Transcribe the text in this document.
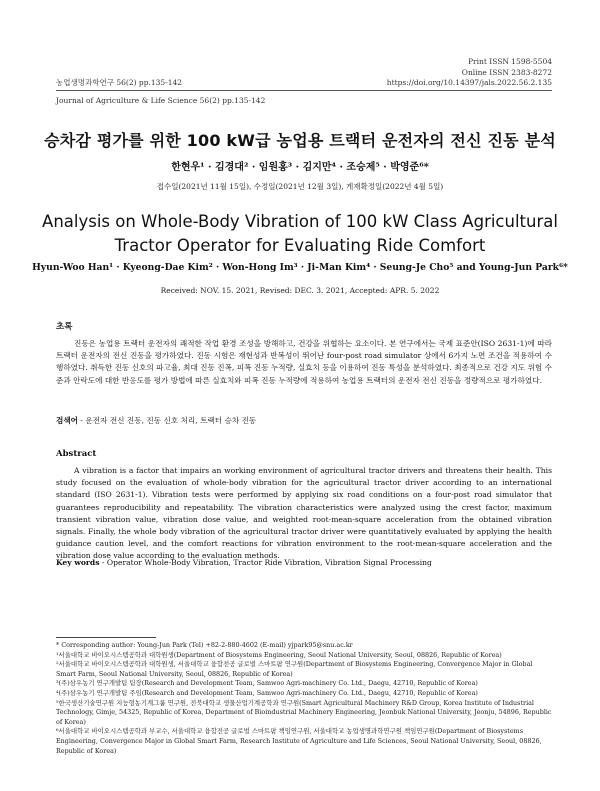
Print ISSN 1598-5504
Online ISSN 2383-8272
https://doi.org/10.14397/jals.2022.56.2.135
농업생명과학연구 56(2) pp.135-142
Journal of Agriculture & Life Science 56(2) pp.135-142
승차감 평가를 위한 100 kW급 농업용 트랙터 운전자의 전신 진동 분석
한현우¹ · 김경대² · 임원홍³ · 김지만⁴ · 조승제⁵ · 박영준⁶*
접수일(2021년 11월 15일), 수정일(2021년 12월 3일), 게재확정일(2022년 4월 5일)
Analysis on Whole-Body Vibration of 100 kW Class Agricultural Tractor Operator for Evaluating Ride Comfort
Hyun-Woo Han¹ · Kyeong-Dae Kim² · Won-Hong Im³ · Ji-Man Kim⁴ · Seung-Je Cho⁵ and Young-Jun Park⁶*
Received: NOV. 15. 2021, Revised: DEC. 3. 2021, Accepted: APR. 5. 2022
초록
진동은 농업용 트랙터 운전자의 쾌적한 작업 환경 조성을 방해하고, 건강을 위협하는 요소이다. 본 연구에서는 국제 표준안(ISO 2631-1)에 따라 트랙터 운전자의 전신 진동을 평가하였다. 진동 시험은 재현성과 반복성이 뛰어난 four-post road simulator 상에서 6가지 노면 조건을 적용하여 수행하였다. 취득한 진동 신호의 파고율, 최대 진동 진폭, 피폭 진동 누적량, 실효치 등을 이용하여 진동 특성을 분석하였다. 최종적으로 건강 지도 위험 수준과 안락도에 대한 반응도를 평가 방법에 따른 실효치와 피폭 진동 누적량에 적용하여 농업용 트랙터의 운전자 전신 진동을 정량적으로 평가하였다.
검색어 - 운전자 전신 진동, 진동 신호 처리, 트랙터 승차 진동
Abstract
A vibration is a factor that impairs an working environment of agricultural tractor drivers and threatens their health. This study focused on the evaluation of whole-body vibration for the agricultural tractor driver according to an international standard (ISO 2631-1). Vibration tests were performed by applying six road conditions on a four-post road simulator that guarantees reproducibility and repeatability. The vibration characteristics were analyzed using the crest factor, maximum transient vibration value, vibration dose value, and weighted root-mean-square acceleration from the obtained vibration signals. Finally, the whole body vibration of the agricultural tractor driver were quantitatively evaluated by applying the health guidance caution level, and the comfort reactions for vibration environment to the root-mean-square acceleration and the vibration dose value according to the evaluation methods.
Key words - Operator Whole-Body Vibration, Tractor Ride Vibration, Vibration Signal Processing
* Corresponding author: Young-Jun Park (Tel) +82-2-880-4602 (E-mail) yjpark95@snu.ac.kr
¹서울대학교 바이오시스템공학과 대학원생(Department of Biosystems Engineering, Seoul National University, Seoul, 08826, Republic of Korea)
²서울대학교 바이오시스템공학과 대학원생, 서울대학교 융합전공 글로벌 스마트팜 연구원(Department of Biosystems Engineering, Convergence Major in Global Smart Farm, Seoul National University, Seoul, 08826, Republic of Korea)
³(주)삼우농기 연구개발팀 팀장(Research and Development Team, Samwoo Agri-machinery Co. Ltd., Daegu, 42710, Republic of Korea)
⁴(주)삼우농기 연구개발팀 주임(Research and Development Team, Samwoo Agri-machinery Co. Ltd., Daegu, 42710, Republic of Korea)
⁵한국생산기술연구원 지능형농기계그룹 연구원, 전북대학교 생물산업기계공학과 연구원(Smart Agricultural Machinery R&D Group, Korea Institute of Industrial Technology, Gimje, 54325, Republic of Korea, Department of Bioindustrial Machinery Engineering, Jeonbuk National University, Jeonju, 54896, Republic of Korea)
⁶서울대학교 바이오시스템공학과 부교수, 서울대학교 융합전공 글로벌 스마트팜 책임연구원, 서울대학교 농업생명과학연구원 책임연구원(Department of Biosystems Engineering, Convergence Major in Global Smart Farm, Research Institute of Agriculture and Life Sciences, Seoul National University, Seoul, 08826, Republic of Korea)
